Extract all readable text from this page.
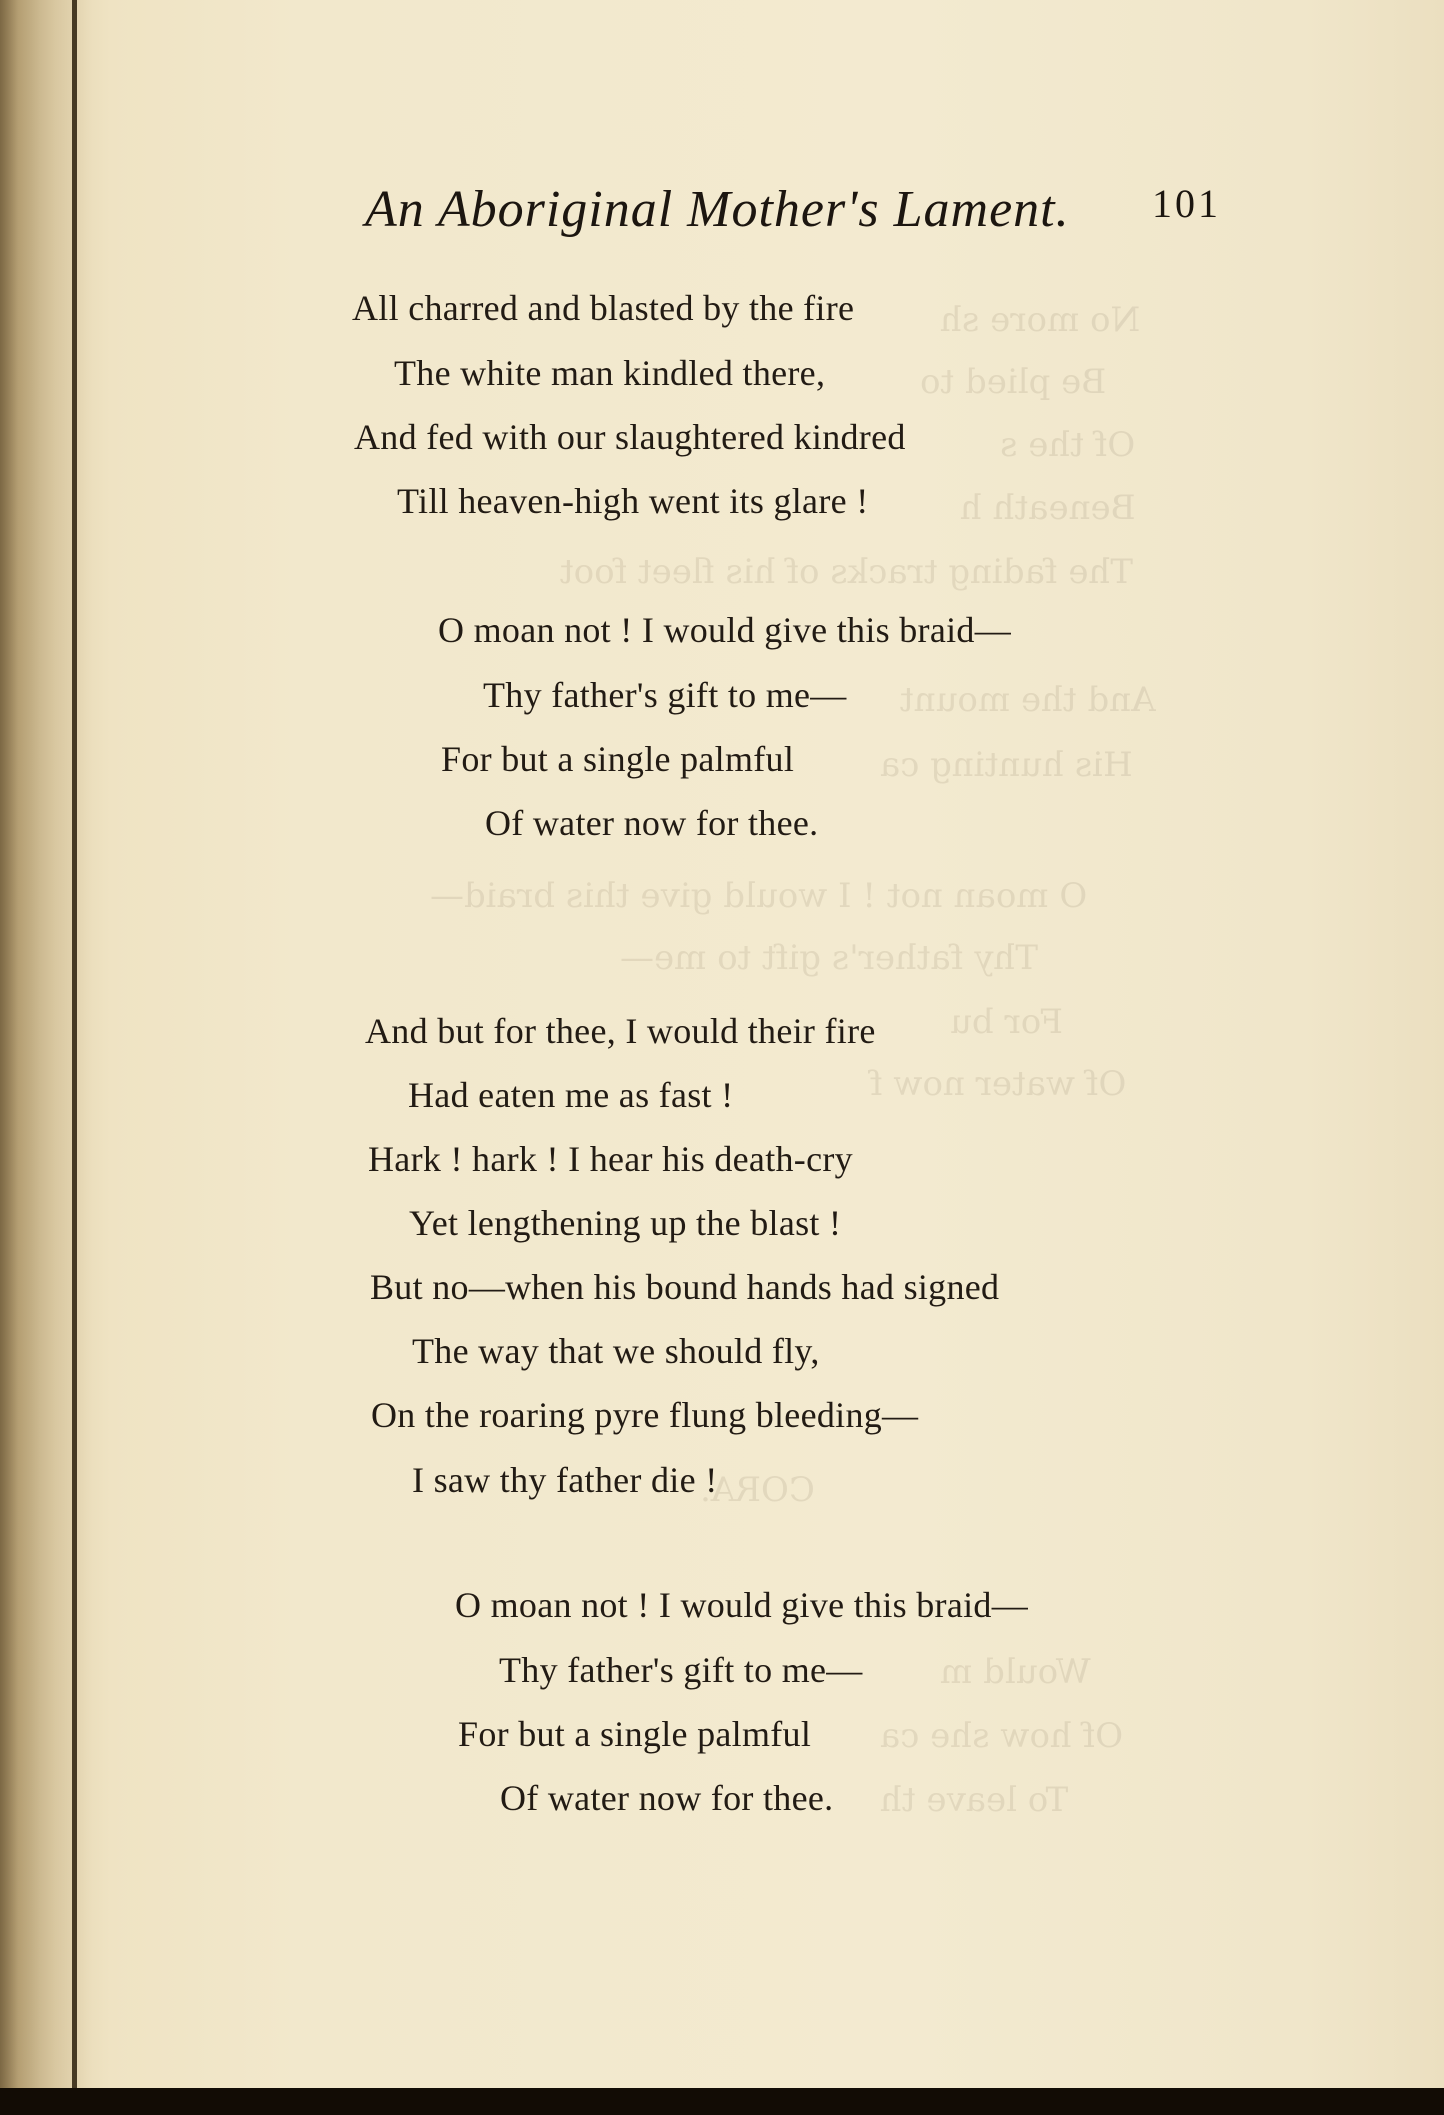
No more sh
Be plied to
Of the s
Beneath h
The fading tracks of his fleet foot
And the mount
His hunting ca
O moan not ! I would give this braid—
Thy father's gift to me—
For bu
Of water now f
CORA.
Would m
Of how she ca
To leave th
An Aboriginal Mother's Lament. 101
All charred and blasted by the fire
The white man kindled there,
And fed with our slaughtered kindred
Till heaven-high went its glare !
O moan not ! I would give this braid—
Thy father's gift to me—
For but a single palmful
Of water now for thee.
And but for thee, I would their fire
Had eaten me as fast !
Hark ! hark ! I hear his death-cry
Yet lengthening up the blast !
But no—when his bound hands had signed
The way that we should fly,
On the roaring pyre flung bleeding—
I saw thy father die !
O moan not ! I would give this braid—
Thy father's gift to me—
For but a single palmful
Of water now for thee.
